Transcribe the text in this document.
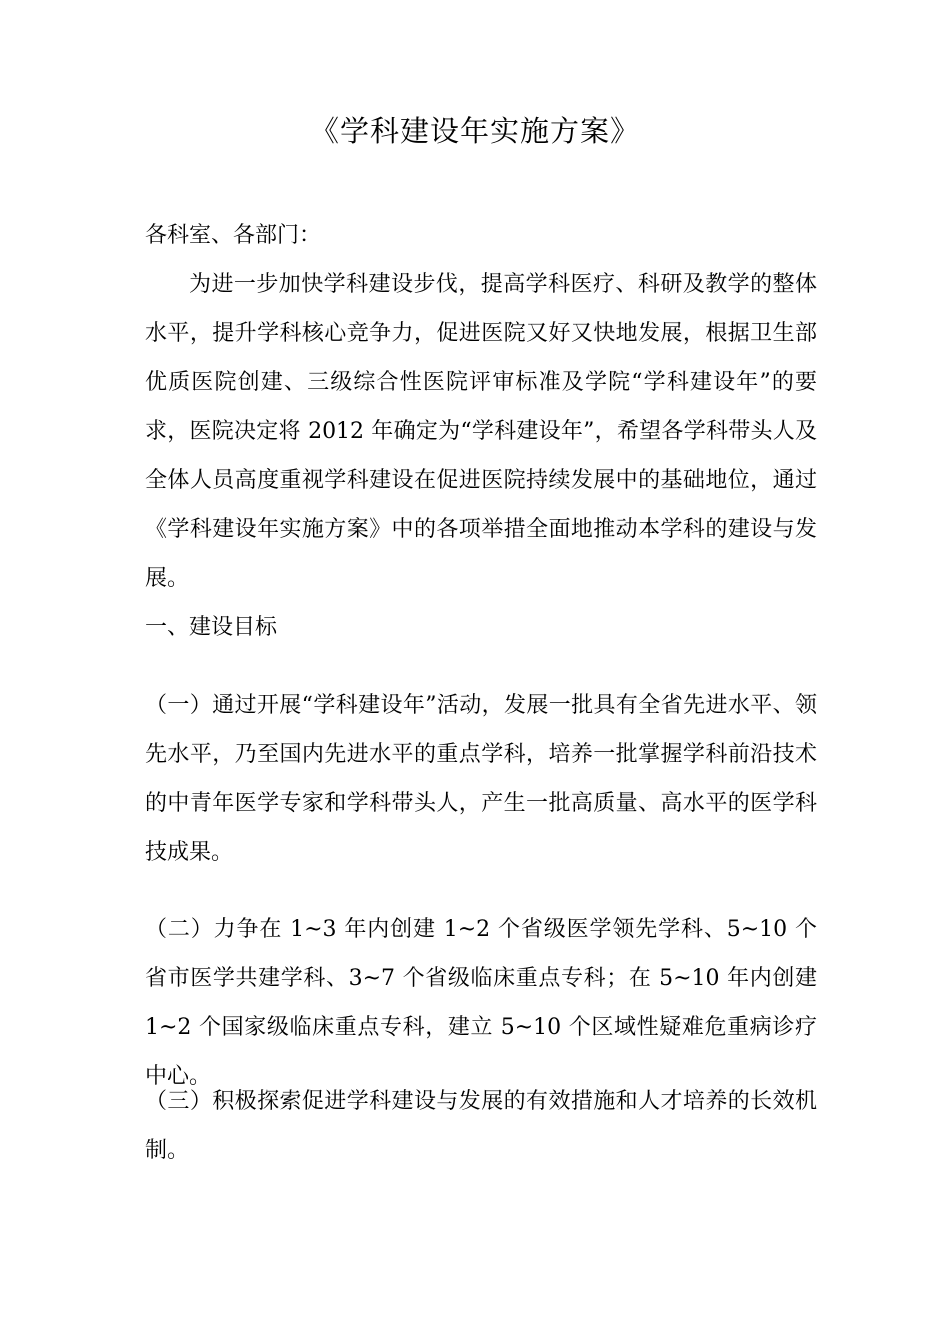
《学科建设年实施方案》

各科室、各部门：

为进一步加快学科建设步伐，提高学科医疗、科研及教学的整体水平，提升学科核心竞争力，促进医院又好又快地发展，根据卫生部优质医院创建、三级综合性医院评审标准及学院“学科建设年”的要求，医院决定将 2012 年确定为“学科建设年”，希望各学科带头人及全体人员高度重视学科建设在促进医院持续发展中的基础地位，通过《学科建设年实施方案》中的各项举措全面地推动本学科的建设与发展。

一、建设目标

（一）通过开展“学科建设年”活动，发展一批具有全省先进水平、领先水平，乃至国内先进水平的重点学科，培养一批掌握学科前沿技术的中青年医学专家和学科带头人，产生一批高质量、高水平的医学科技成果。

（二）力争在 1~3 年内创建 1~2 个省级医学领先学科、5~10 个省市医学共建学科、3~7 个省级临床重点专科；在 5~10 年内创建 1~2 个国家级临床重点专科，建立 5~10 个区域性疑难危重病诊疗中心。

（三）积极探索促进学科建设与发展的有效措施和人才培养的长效机制。
